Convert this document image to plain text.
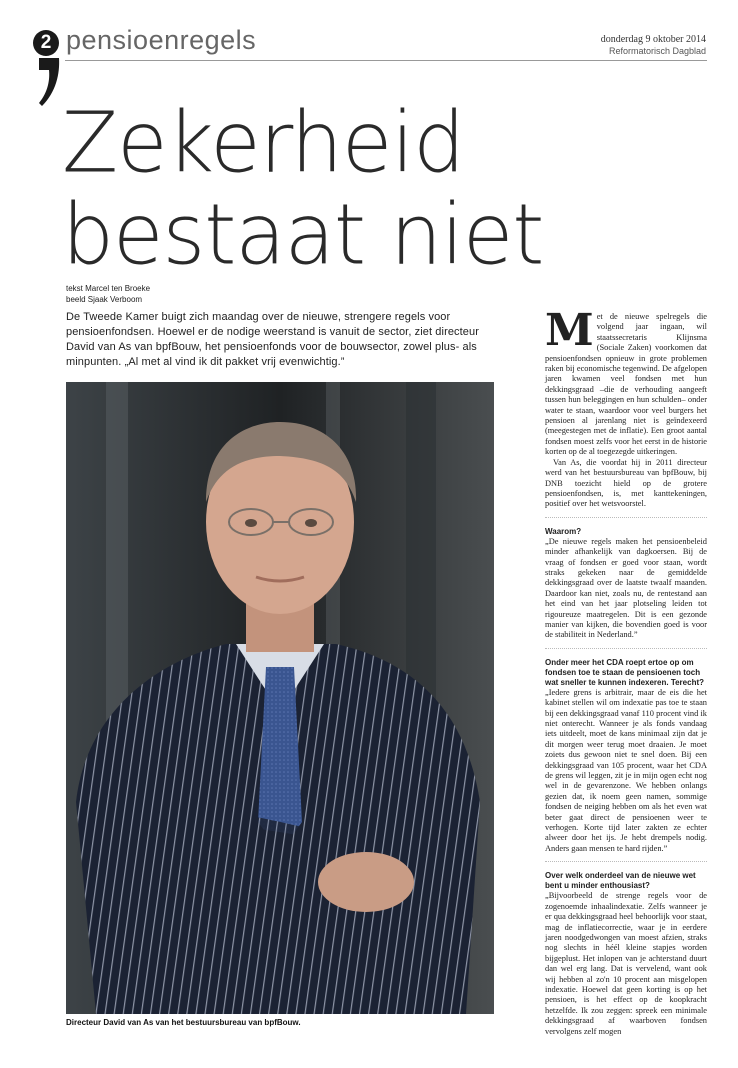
2 pensioenregels	donderdag 9 oktober 2014
Reformatorisch Dagblad
Zekerheid
bestaat niet
tekst Marcel ten Broeke
beeld Sjaak Verboom
De Tweede Kamer buigt zich maandag over de nieuwe, strengere regels voor pensioenfondsen. Hoewel er de nodige weerstand is vanuit de sector, ziet directeur David van As van bpfBouw, het pensioenfonds voor de bouwsector, zowel plus- als minpunten. „Al met al vind ik dit pakket vrij evenwichtig.”
Directeur David van As van het bestuursbureau van bpfBouw.

Met de nieuwe spelregels die volgend jaar ingaan, wil staatssecretaris Klijnsma (Sociale Zaken) voorkomen dat pensioenfondsen opnieuw in grote problemen raken bij economische tegenwind. De afgelopen jaren kwamen veel fondsen met hun dekkingsgraad –die de verhouding aangeeft tussen hun beleggingen en hun schulden– onder water te staan, waardoor voor veel burgers het pensioen al jarenlang niet is geïndexeerd (meegestegen met de inflatie). Een groot aantal fondsen moest zelfs voor het eerst in de historie korten op de al toegezegde uitkeringen.

Van As, die voordat hij in 2011 directeur werd van het bestuursbureau van bpfBouw, bij DNB toezicht hield op de grotere pensioenfondsen, is, met kanttekeningen, positief over het wetsvoorstel.

Waarom?

„De nieuwe regels maken het pensioenbeleid minder afhankelijk van dagkoersen. Bij de vraag of fondsen er goed voor staan, wordt straks gekeken naar de gemiddelde dekkingsgraad over de laatste twaalf maanden. Daardoor kan niet, zoals nu, de rentestand aan het eind van het jaar plotseling leiden tot rigoureuze maatregelen. Dit is een gezonde manier van kijken, die bovendien goed is voor de stabiliteit in Nederland.”

Onder meer het CDA roept ertoe op om fondsen toe te staan de pensioenen toch wat sneller te kunnen indexeren. Terecht?

„Iedere grens is arbitrair, maar de eis die het kabinet stellen wil om indexatie pas toe te staan bij een dekkingsgraad vanaf 110 procent vind ik niet onterecht. Wanneer je als fonds vandaag iets uitdeelt, moet de kans minimaal zijn dat je dit morgen weer terug moet draaien. Je moet zoiets dus gewoon niet te snel doen. Bij een dekkingsgraad van 105 procent, waar het CDA de grens wil leggen, zit je in mijn ogen echt nog wel in de gevarenzone. We hebben onlangs gezien dat, ik noem geen namen, sommige fondsen de neiging hebben om als het even wat beter gaat direct de pensioenen weer te verhogen. Korte tijd later zakten ze echter alweer door het ijs. Je hebt drempels nodig. Anders gaan mensen te hard rijden.”

Over welk onderdeel van de nieuwe wet bent u minder enthousiast?

„Bijvoorbeeld de strenge regels voor de zogenoemde inhaalindexatie. Zelfs wanneer je er qua dekkingsgraad heel behoorlijk voor staat, mag de inflatiecorrectie, waar je in eerdere jaren noodgedwongen van moest afzien, straks nog slechts in héél kleine stapjes worden bijgeplust. Het inlopen van je achterstand duurt dan wel erg lang. Dat is vervelend, want ook wij hebben al zo'n 10 procent aan misgelopen indexatie. Hoewel dat geen korting is op het pensioen, is het effect op de koopkracht hetzelfde. Ik zou zeggen: spreek een minimale dekkingsgraad af waarboven fondsen vervolgens zelf mogen
